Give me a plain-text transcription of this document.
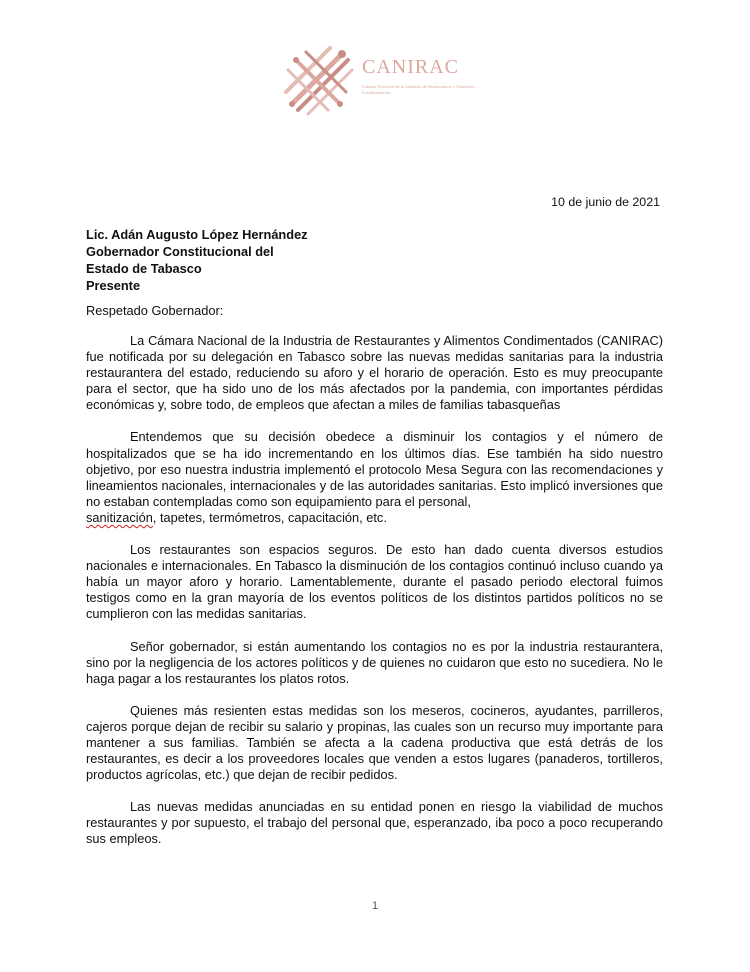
CANIRAC
Cámara Nacional de la Industria de Restaurantes y Alimentos Condimentados
10 de junio de 2021
Lic. Adán Augusto López Hernández
Gobernador Constitucional del
Estado de Tabasco
Presente
Respetado Gobernador:

La Cámara Nacional de la Industria de Restaurantes y Alimentos Condimentados (CANIRAC) fue notificada por su delegación en Tabasco sobre las nuevas medidas sanitarias para la industria restaurantera del estado, reduciendo su aforo y el horario de operación. Esto es muy preocupante para el sector, que ha sido uno de los más afectados por la pandemia, con importantes pérdidas económicas y, sobre todo, de empleos que afectan a miles de familias tabasqueñas

Entendemos que su decisión obedece a disminuir los contagios y el número de hospitalizados que se ha ido incrementando en los últimos días. Ese también ha sido nuestro objetivo, por eso nuestra industria implementó el protocolo Mesa Segura con las recomendaciones y lineamientos nacionales, internacionales y de las autoridades sanitarias. Esto implicó inversiones que no estaban contempladas como son equipamiento para el personal,
sanitización, tapetes, termómetros, capacitación, etc.

Los restaurantes son espacios seguros. De esto han dado cuenta diversos estudios nacionales e internacionales. En Tabasco la disminución de los contagios continuó incluso cuando ya había un mayor aforo y horario. Lamentablemente, durante el pasado periodo electoral fuimos testigos como en la gran mayoría de los eventos políticos de los distintos partidos políticos no se cumplieron con las medidas sanitarias.

Señor gobernador, si están aumentando los contagios no es por la industria restaurantera, sino por la negligencia de los actores políticos y de quienes no cuidaron que esto no sucediera. No le haga pagar a los restaurantes los platos rotos.

Quienes más resienten estas medidas son los meseros, cocineros, ayudantes, parrilleros, cajeros porque dejan de recibir su salario y propinas, las cuales son un recurso muy importante para mantener a sus familias. También se afecta a la cadena productiva que está detrás de los restaurantes, es decir a los proveedores locales que venden a estos lugares (panaderos, tortilleros, productos agrícolas, etc.) que dejan de recibir pedidos.

Las nuevas medidas anunciadas en su entidad ponen en riesgo la viabilidad de muchos restaurantes y por supuesto, el trabajo del personal que, esperanzado, iba poco a poco recuperando sus empleos.

1
